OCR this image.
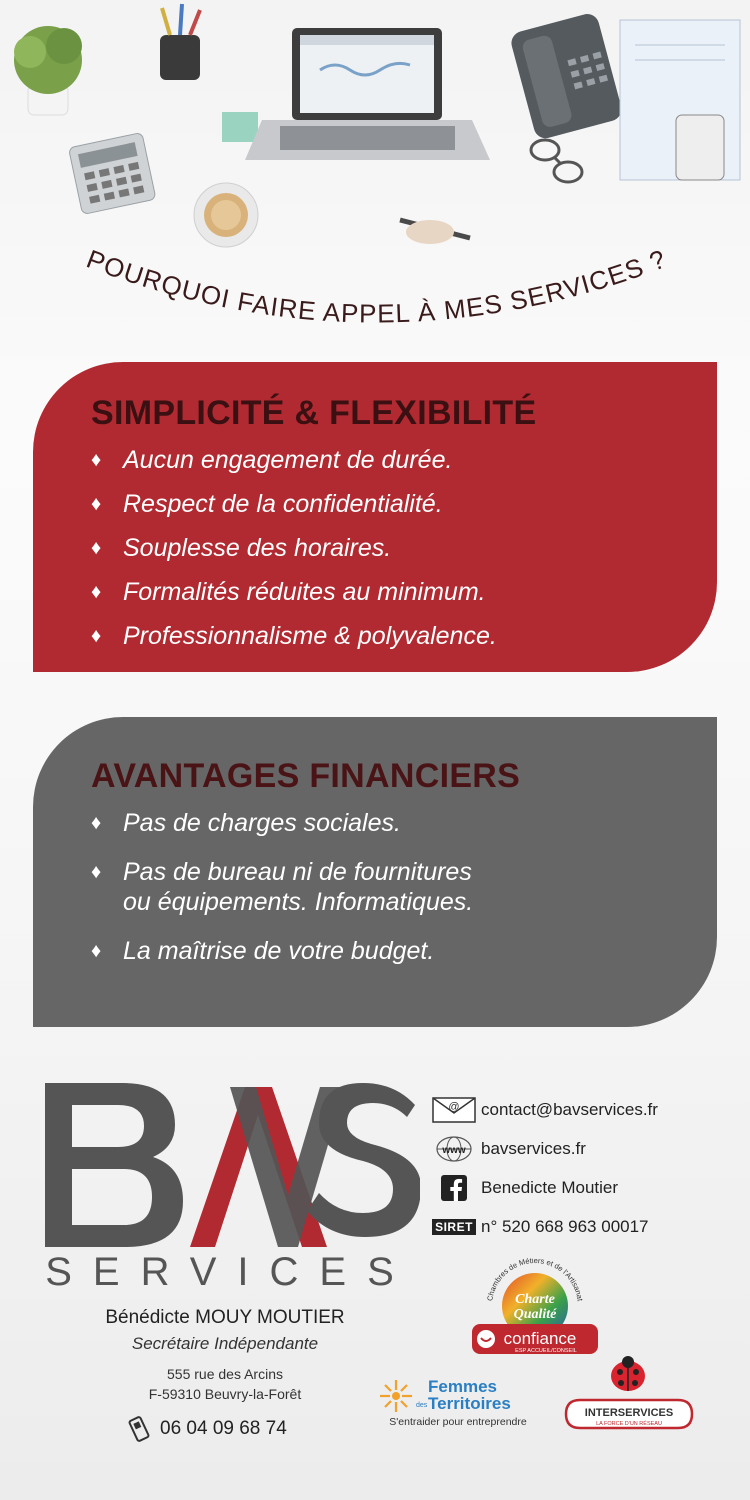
POURQUOI FAIRE APPEL À MES SERVICES ?
SIMPLICITÉ & FLEXIBILITÉ
♦ Aucun engagement de durée.
♦ Respect de la confidentialité.
♦ Souplesse des horaires.
♦ Formalités réduites au minimum.
♦ Professionnalisme & polyvalence.
AVANTAGES FINANCIERS
♦ Pas de charges sociales.
♦ Pas de bureau ni de fournitures
ou équipements. Informatiques.
♦ La maîtrise de votre budget.
SERVICES
Bénédicte MOUY MOUTIER
Secrétaire Indépendante
555 rue des Arcins
F-59310 Beuvry-la-Forêt
06 04 09 68 74
@ contact@bavservices.fr
www bavservices.fr
Benedicte Moutier
SIRET n° 520 668 963 00017
Chambres de Métiers et de l'Artisanat
Charte
Qualité
confiance
ESP ACCUEIL/CONSEIL
Femmes
des Territoires
S'entraider pour entreprendre
INTERSERVICES
LA FORCE D'UN RÉSEAU
